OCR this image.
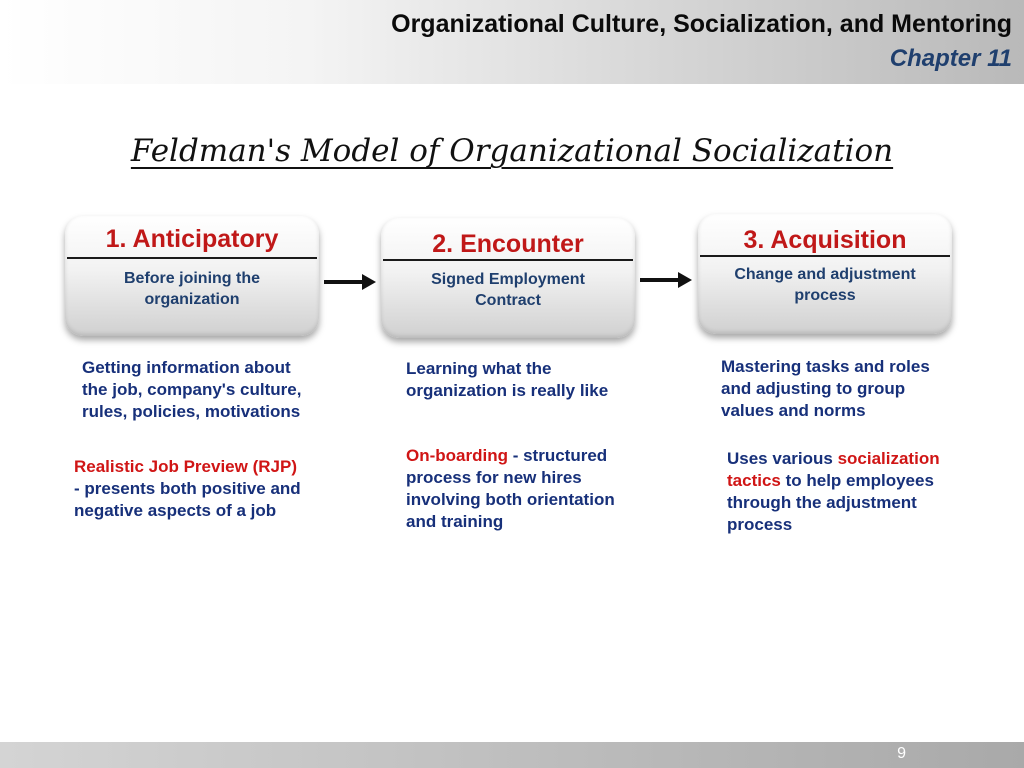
Organizational Culture, Socialization, and Mentoring
Chapter 11
Feldman's Model of Organizational Socialization
1. Anticipatory
Before joining the
organization
2. Encounter
Signed Employment
Contract
3. Acquisition
Change and adjustment
process
Getting information about
the job, company's culture,
rules, policies, motivations
Realistic Job Preview (RJP)
- presents both positive and
negative aspects of a job
Learning what the
organization is really like
On-boarding - structured
process for new hires
involving both orientation
and training
Mastering tasks and roles
and adjusting to group
values and norms
Uses various socialization
tactics to help employees
through the adjustment
process
9
